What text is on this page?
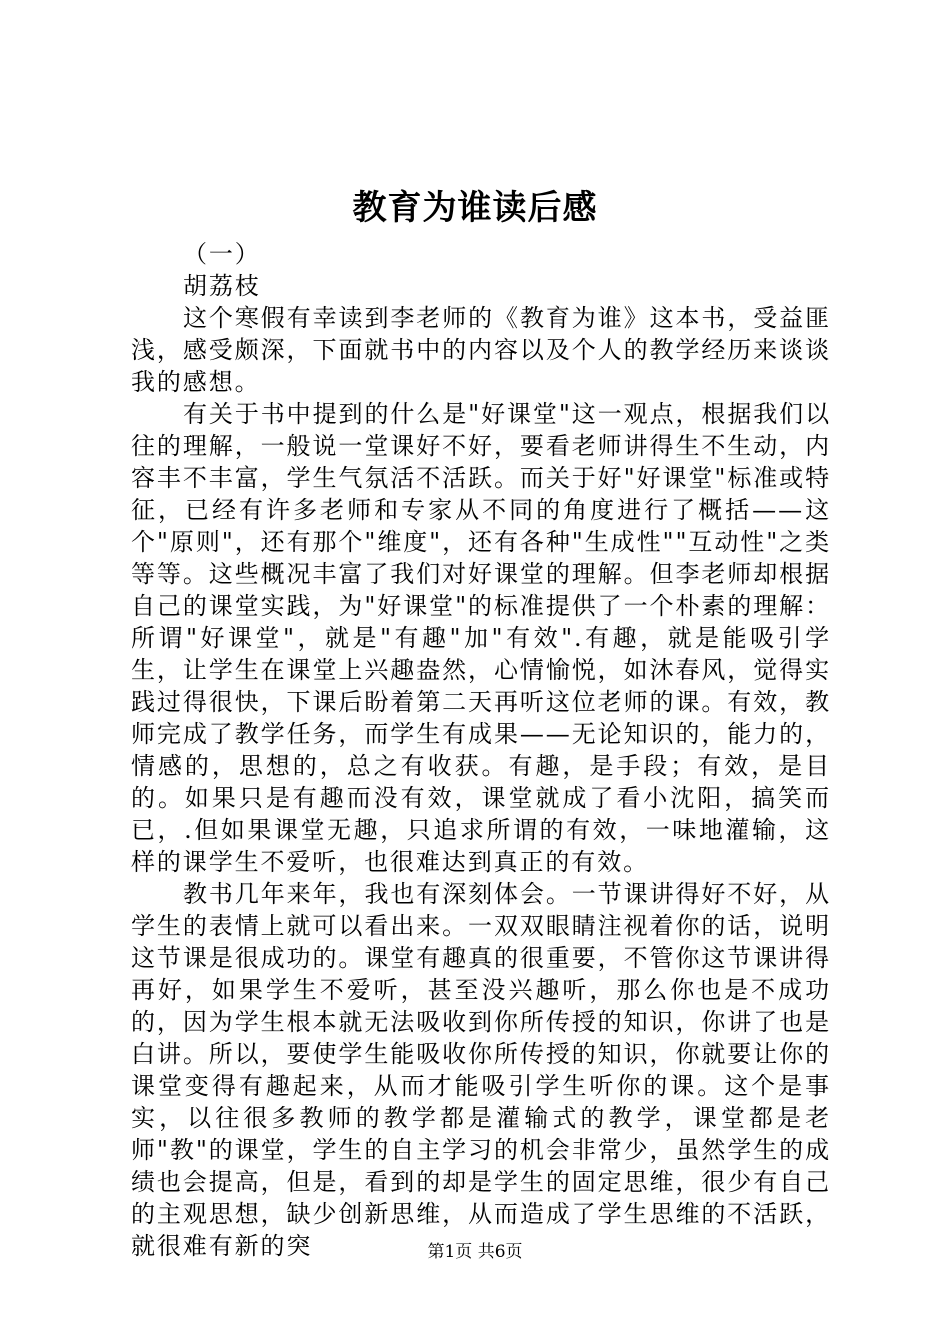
教育为谁读后感

（一）

胡荔枝

这个寒假有幸读到李老师的《教育为谁》这本书，受益匪浅，感受颇深，下面就书中的内容以及个人的教学经历来谈谈我的感想。

有关于书中提到的什么是"好课堂"这一观点，根据我们以往的理解，一般说一堂课好不好，要看老师讲得生不生动，内容丰不丰富，学生气氛活不活跃。而关于好"好课堂"标准或特征，已经有许多老师和专家从不同的角度进行了概括——这个"原则"，还有那个"维度"，还有各种"生成性""互动性"之类等等。这些概况丰富了我们对好课堂的理解。但李老师却根据自己的课堂实践，为"好课堂"的标准提供了一个朴素的理解：所谓"好课堂"，就是"有趣"加"有效".有趣，就是能吸引学生，让学生在课堂上兴趣盎然，心情愉悦，如沐春风，觉得实践过得很快，下课后盼着第二天再听这位老师的课。有效，教师完成了教学任务，而学生有成果——无论知识的，能力的，情感的，思想的，总之有收获。有趣，是手段；有效，是目的。如果只是有趣而没有效，课堂就成了看小沈阳，搞笑而已，.但如果课堂无趣，只追求所谓的有效，一味地灌输，这样的课学生不爱听，也很难达到真正的有效。

教书几年来年，我也有深刻体会。一节课讲得好不好，从学生的表情上就可以看出来。一双双眼睛注视着你的话，说明这节课是很成功的。课堂有趣真的很重要，不管你这节课讲得再好，如果学生不爱听，甚至没兴趣听，那么你也是不成功的，因为学生根本就无法吸收到你所传授的知识，你讲了也是白讲。所以，要使学生能吸收你所传授的知识，你就要让你的课堂变得有趣起来，从而才能吸引学生听你的课。这个是事实，以往很多教师的教学都是灌输式的教学，课堂都是老师"教"的课堂，学生的自主学习的机会非常少，虽然学生的成绩也会提高，但是，看到的却是学生的固定思维，很少有自己的主观思想，缺少创新思维，从而造成了学生思维的不活跃，就很难有新的突	第1页 共6页
